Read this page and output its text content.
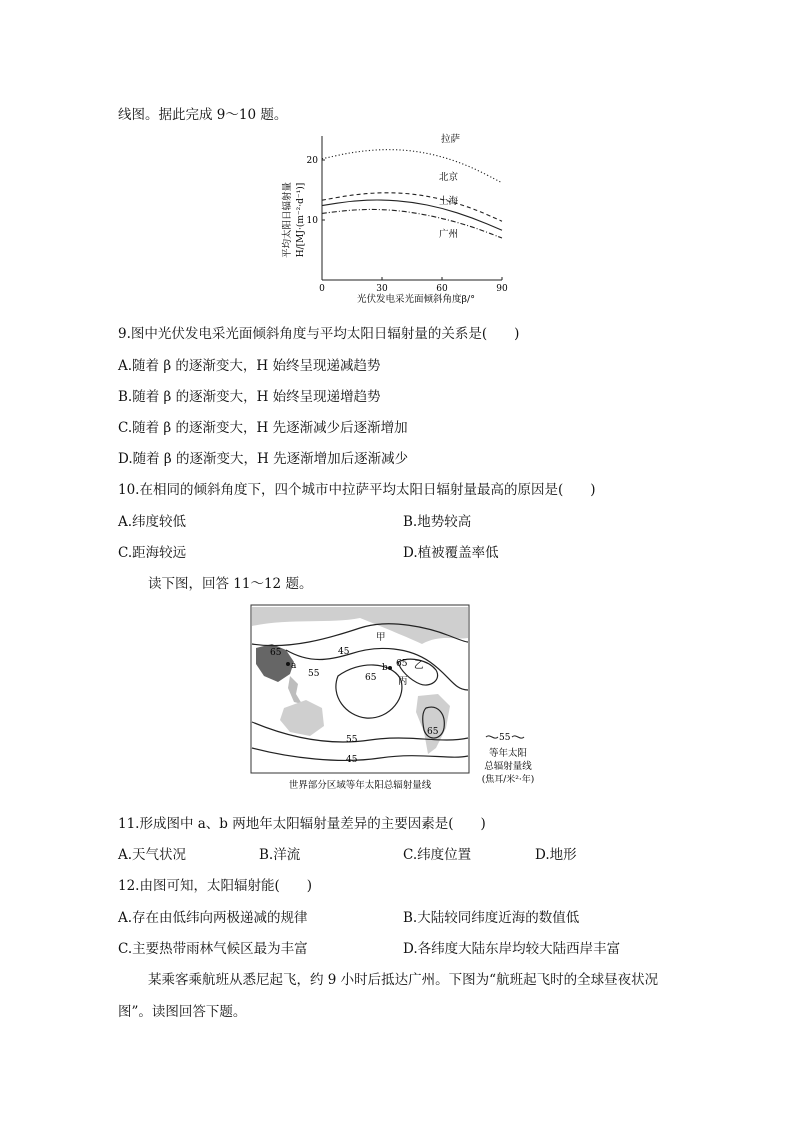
线图。据此完成 9～10 题。
平均太阳日辐射量 H/[MJ·(m⁻²·d⁻¹)]
0	30	60	90
10
20
拉萨
北京
上海
广州
光伏发电采光面倾斜角度β/°
9.图中光伏发电采光面倾斜角度与平均太阳日辐射量的关系是(　　)
A.随着 β 的逐渐变大，H 始终呈现递减趋势
B.随着 β 的逐渐变大，H 始终呈现递增趋势
C.随着 β 的逐渐变大，H 先逐渐减少后逐渐增加
D.随着 β 的逐渐变大，H 先逐渐增加后逐渐减少
10.在相同的倾斜角度下，四个城市中拉萨平均太阳日辐射量最高的原因是(　　)
A.纬度较低	B.地势较高
C.距海较远	D.植被覆盖率低
读下图，回答 11～12 题。
65	45
55	65
65
65
55
45
甲
乙
丙
a	b
55
等年太阳
总辐射量线
(焦耳/米²·年)
世界部分区域等年太阳总辐射量线
11.形成图中 a、b 两地年太阳辐射量差异的主要因素是(　　)
A.天气状况	B.洋流	C.纬度位置	D.地形
12.由图可知，太阳辐射能(　　)
A.存在由低纬向两极递减的规律	B.大陆较同纬度近海的数值低
C.主要热带雨林气候区最为丰富	D.各纬度大陆东岸均较大陆西岸丰富
某乘客乘航班从悉尼起飞，约 9 小时后抵达广州。下图为“航班起飞时的全球昼夜状况
图”。读图回答下题。
